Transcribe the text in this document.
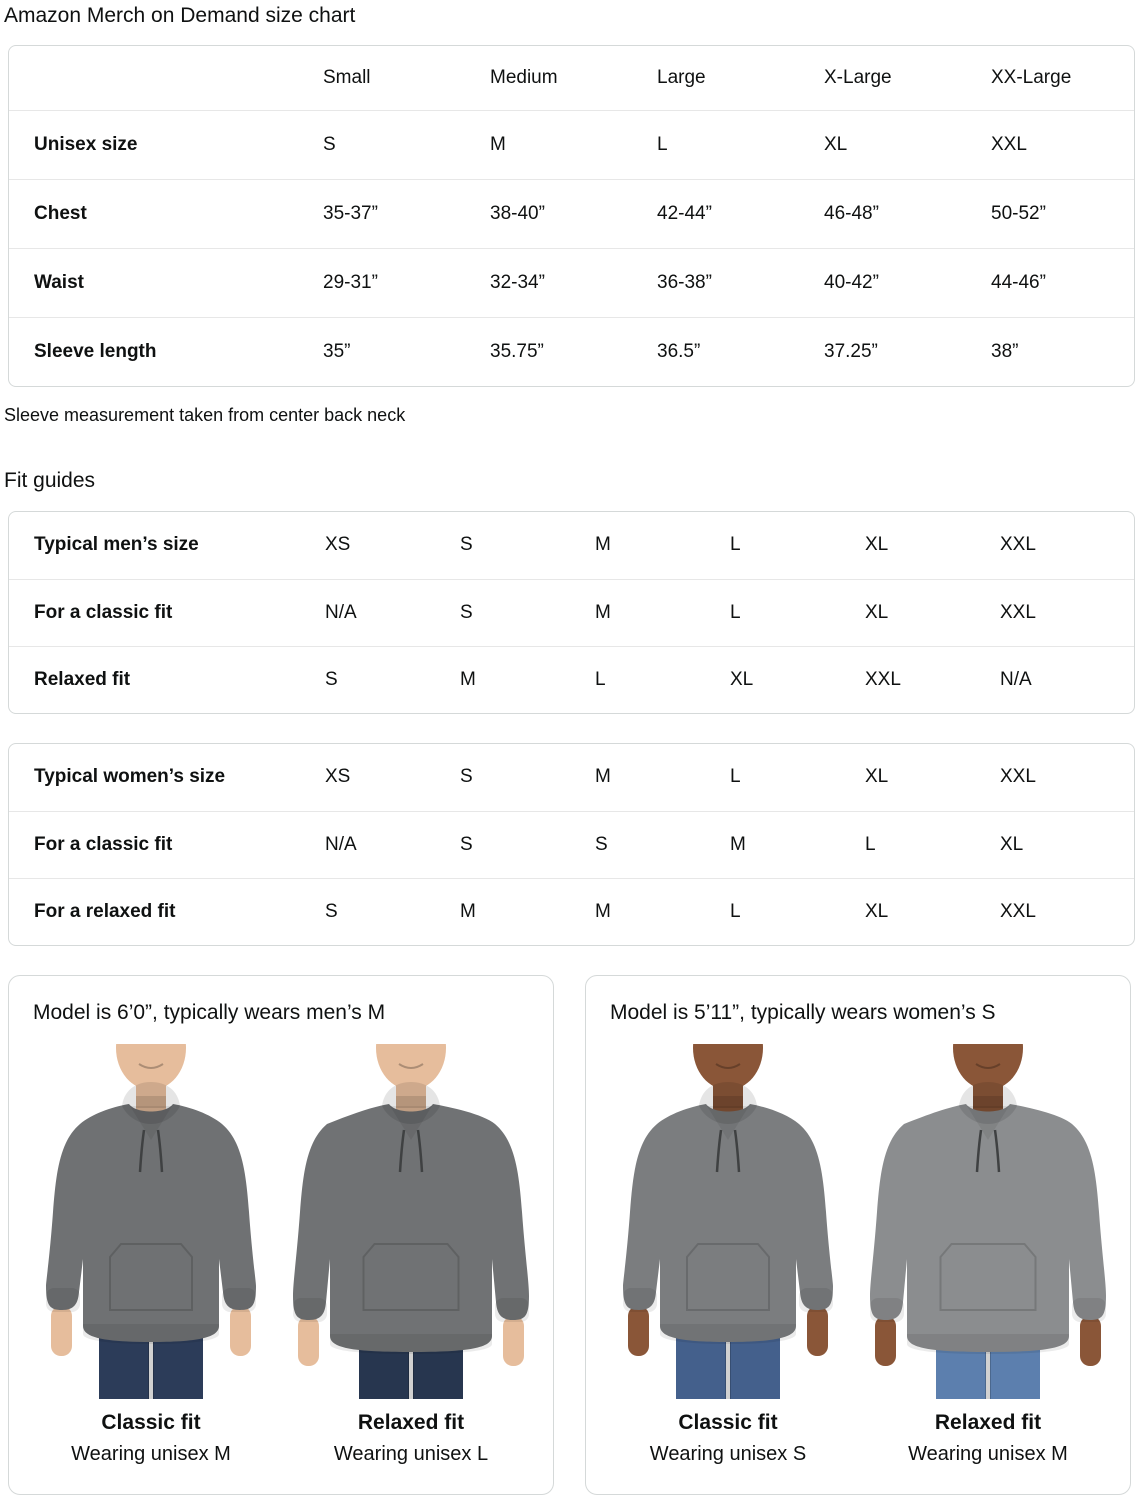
Amazon Merch on Demand size chart
	Small	Medium	Large	X-Large	XX-Large
Unisex size	S	M	L	XL	XXL
Chest	35-37”	38-40”	42-44”	46-48”	50-52”
Waist	29-31”	32-34”	36-38”	40-42”	44-46”
Sleeve length	35”	35.75”	36.5”	37.25”	38”

Sleeve measurement taken from center back neck

Fit guides
Typical men’s size	XS	S	M	L	XL	XXL
For a classic fit	N/A	S	M	L	XL	XXL
Relaxed fit	S	M	L	XL	XXL	N/A
Typical women’s size	XS	S	M	L	XL	XXL
For a classic fit	N/A	S	S	M	L	XL
For a relaxed fit	S	M	M	L	XL	XXL
Model is 6’0”, typically wears men’s M
Classic fit
Wearing unisex M
Relaxed fit
Wearing unisex L
Model is 5’11”, typically wears women’s S
Classic fit
Wearing unisex S
Relaxed fit
Wearing unisex M
